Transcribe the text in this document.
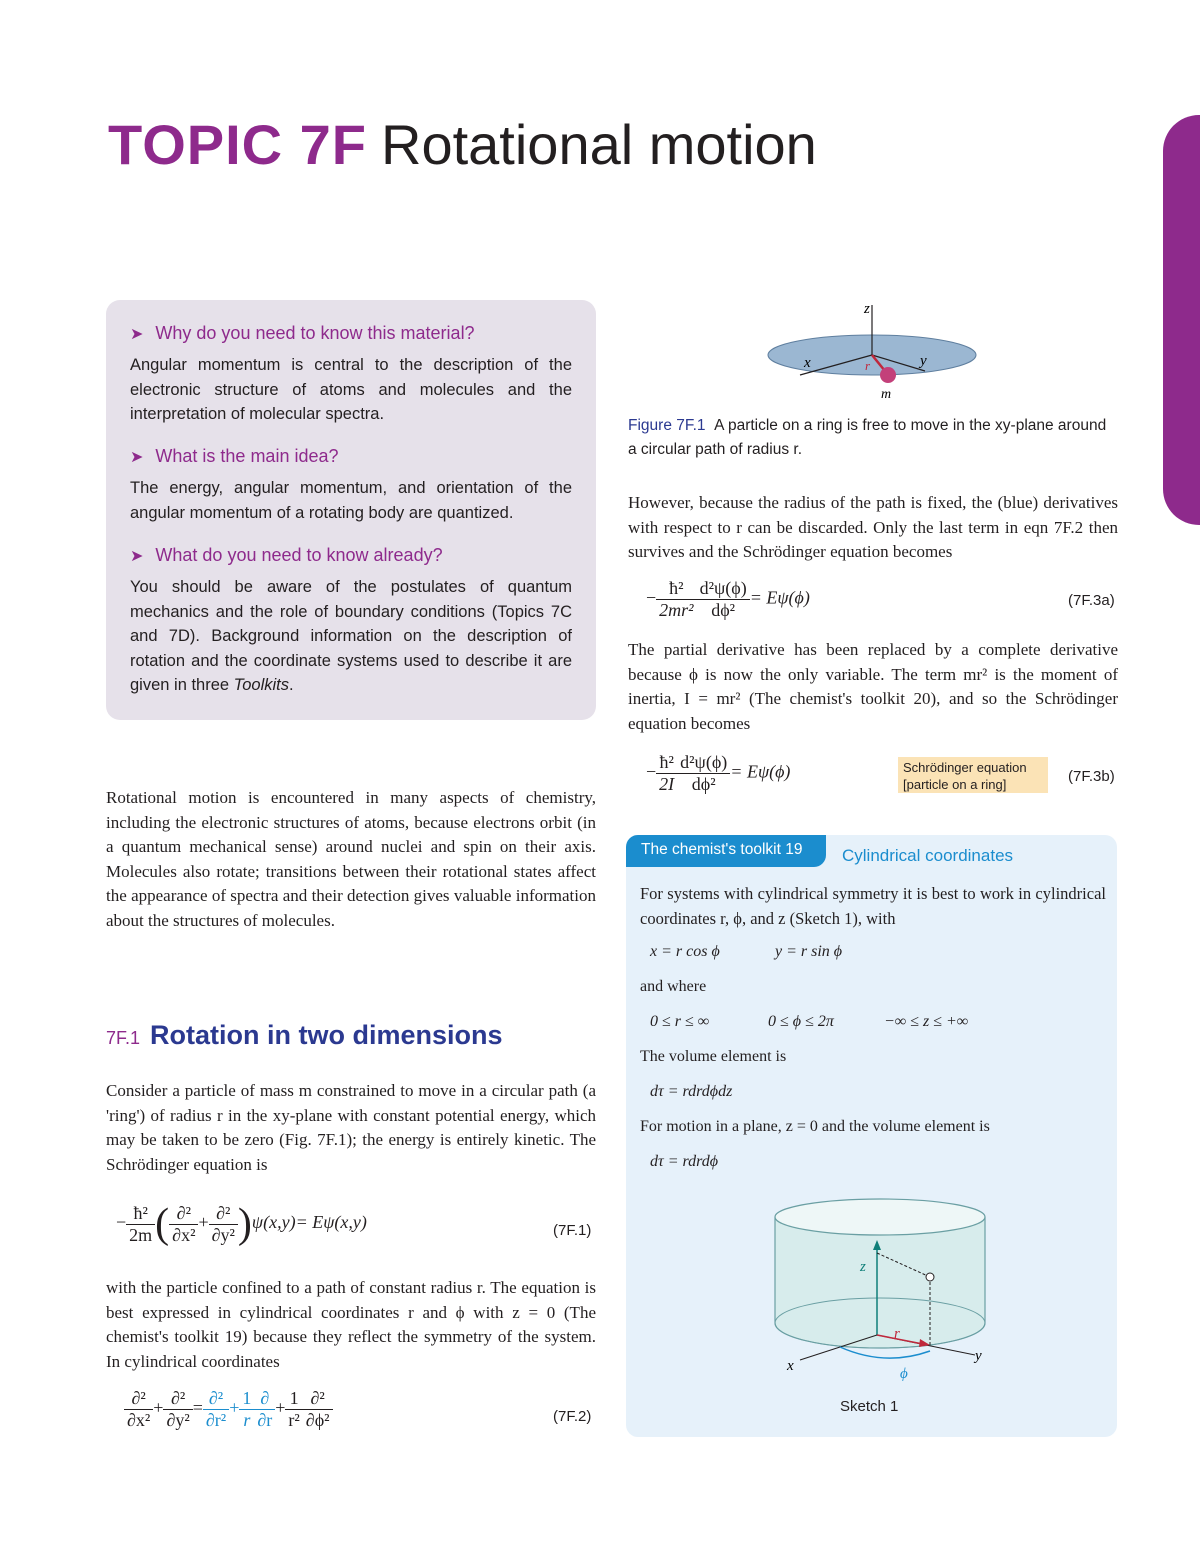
TOPIC 7F Rotational motion
➤ Why do you need to know this material?
Angular momentum is central to the description of the electronic structure of atoms and molecules and the interpretation of molecular spectra.
➤ What is the main idea?
The energy, angular momentum, and orientation of the angular momentum of a rotating body are quantized.
➤ What do you need to know already?
You should be aware of the postulates of quantum mechanics and the role of boundary conditions (Topics 7C and 7D). Background information on the description of rotation and the coordinate systems used to describe it are given in three Toolkits.
Rotational motion is encountered in many aspects of chemistry, including the electronic structures of atoms, because electrons orbit (in a quantum mechanical sense) around nuclei and spin on their axis. Molecules also rotate; transitions between their rotational states affect the appearance of spectra and their detection gives valuable information about the structures of molecules.
7F.1 Rotation in two dimensions
Consider a particle of mass m constrained to move in a circular path (a 'ring') of radius r in the xy-plane with constant potential energy, which may be taken to be zero (Fig. 7F.1); the energy is entirely kinetic. The Schrödinger equation is
− $\frac{\text{ħ²}}{2m}$ ( $\frac{\text{∂²}}{\text{∂x²}} + \frac{\text{∂²}}{\text{∂y²}} )\psi(x,y)= E\psi(x,y)$	(7F.1)
with the particle confined to a path of constant radius r. The equation is best expressed in cylindrical coordinates r and ϕ with z = 0 (The chemist's toolkit 19) because they reflect the symmetry of the system. In cylindrical coordinates
$\frac{\text{∂²}}{\text{∂x²}} + \frac{\text{∂²}}{\text{∂y²}} = \frac{\text{∂²}}{\text{∂r²}} + \frac{1}{r} \frac{\partial}{\partial r} + \frac{1}{\text{r²}} \frac{\text{∂²}}{\text{∂ϕ²}}$	(7F.2)
z
x	y
r
m
Figure 7F.1 A particle on a ring is free to move in the xy-plane around a circular path of radius r.
However, because the radius of the path is fixed, the (blue) derivatives with respect to r can be discarded. Only the last term in eqn 7F.2 then survives and the Schrödinger equation becomes
− $\frac{\text{ħ²}}{\text{2mr²}} \frac{\text{d²ψ(ϕ)}}{\text{dϕ²}} = E\psi(\phi)$	(7F.3a)
The partial derivative has been replaced by a complete derivative because ϕ is now the only variable. The term mr² is the moment of inertia, I = mr² (The chemist's toolkit 20), and so the Schrödinger equation becomes
− $\frac{\text{ħ²}}{2I} \frac{\text{d²ψ(ϕ)}}{\text{dϕ²}} = E\psi(\phi)$	Schrödinger equation
[particle on a ring]	(7F.3b)
The chemist's toolkit 19	Cylindrical coordinates
For systems with cylindrical symmetry it is best to work in cylindrical coordinates r, ϕ, and z (Sketch 1), with
x = r cos ϕ	y = r sin ϕ
and where
0 ≤ r ≤ ∞	0 ≤ ϕ ≤ 2π	−∞ ≤ z ≤ +∞
The volume element is
dτ = rdrdϕdz
For motion in a plane, z = 0 and the volume element is
dτ = rdrdϕ
z
r
x
y
ϕ
Sketch 1
